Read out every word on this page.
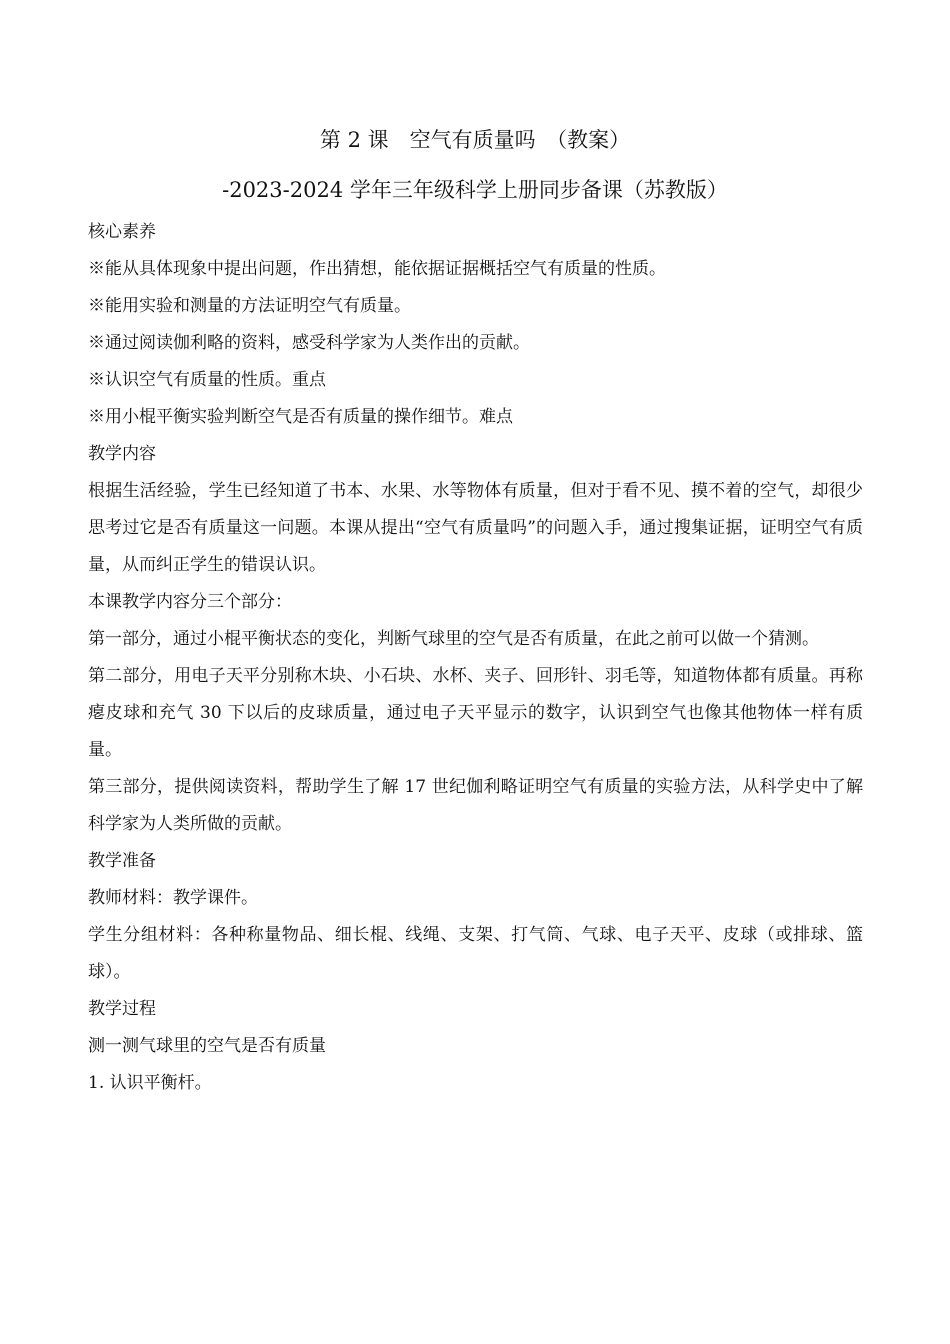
第 2 课　空气有质量吗　（教案）
-2023-2024 学年三年级科学上册同步备课（苏教版）

核心素养

※能从具体现象中提出问题，作出猜想，能依据证据概括空气有质量的性质。

※能用实验和测量的方法证明空气有质量。

※通过阅读伽利略的资料，感受科学家为人类作出的贡献。

※认识空气有质量的性质。重点

※用小棍平衡实验判断空气是否有质量的操作细节。难点

教学内容

根据生活经验，学生已经知道了书本、水果、水等物体有质量，但对于看不见、摸不着的空气，却很少思考过它是否有质量这一问题。本课从提出“空气有质量吗”的问题入手，通过搜集证据，证明空气有质量，从而纠正学生的错误认识。

本课教学内容分三个部分：

第一部分，通过小棍平衡状态的变化，判断气球里的空气是否有质量，在此之前可以做一个猜测。

第二部分，用电子天平分别称木块、小石块、水杯、夹子、回形针、羽毛等，知道物体都有质量。再称瘪皮球和充气 30 下以后的皮球质量，通过电子天平显示的数字，认识到空气也像其他物体一样有质量。

第三部分，提供阅读资料，帮助学生了解 17 世纪伽利略证明空气有质量的实验方法，从科学史中了解科学家为人类所做的贡献。

教学准备

教师材料：教学课件。

学生分组材料：各种称量物品、细长棍、线绳、支架、打气筒、气球、电子天平、皮球（或排球、篮球）。

教学过程

测一测气球里的空气是否有质量

1. 认识平衡杆。
